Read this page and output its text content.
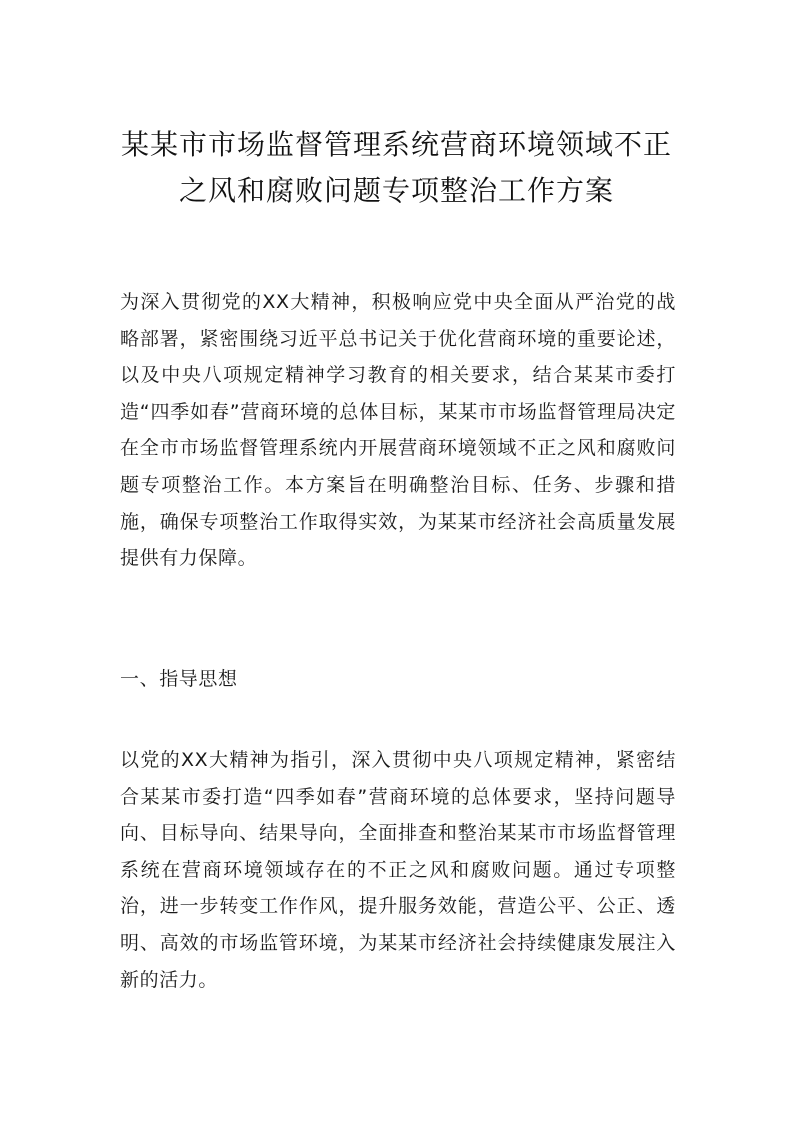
某某市市场监督管理系统营商环境领域不正之风和腐败问题专项整治工作方案

为深入贯彻党的XX大精神，积极响应党中央全面从严治党的战略部署，紧密围绕习近平总书记关于优化营商环境的重要论述，以及中央八项规定精神学习教育的相关要求，结合某某市委打造“四季如春”营商环境的总体目标，某某市市场监督管理局决定在全市市场监督管理系统内开展营商环境领域不正之风和腐败问题专项整治工作。本方案旨在明确整治目标、任务、步骤和措施，确保专项整治工作取得实效，为某某市经济社会高质量发展提供有力保障。

一、指导思想

以党的XX大精神为指引，深入贯彻中央八项规定精神，紧密结合某某市委打造“四季如春”营商环境的总体要求，坚持问题导向、目标导向、结果导向，全面排查和整治某某市市场监督管理系统在营商环境领域存在的不正之风和腐败问题。通过专项整治，进一步转变工作作风，提升服务效能，营造公平、公正、透明、高效的市场监管环境，为某某市经济社会持续健康发展注入新的活力。
